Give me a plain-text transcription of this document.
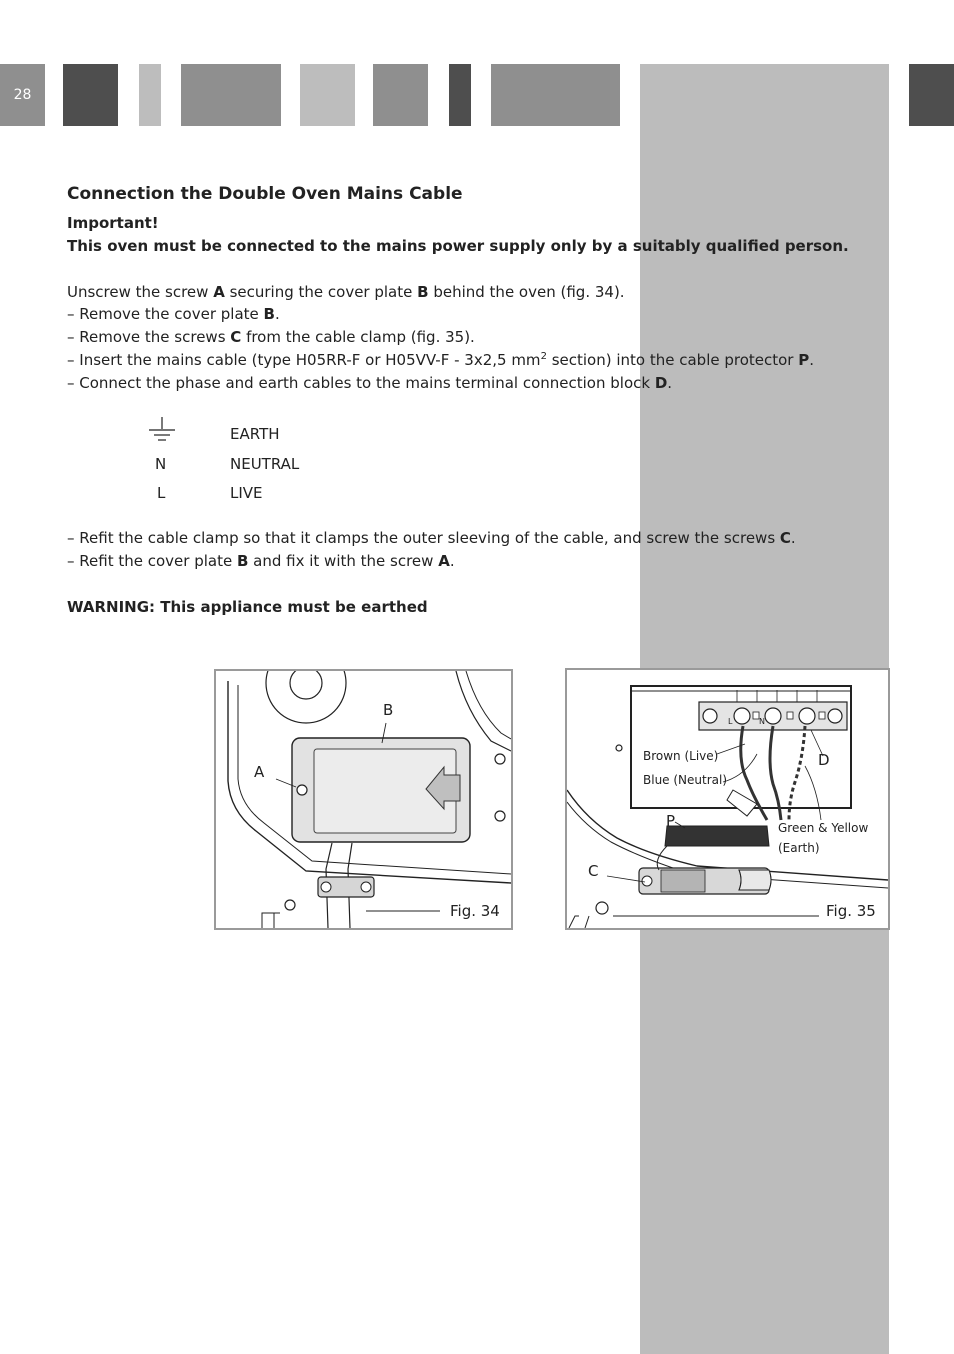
28
Connection the Double Oven Mains Cable
Important!
This oven must be connected to the mains power supply only by a suitably qualified person.
Unscrew the screw A securing the cover plate B behind the oven (fig. 34).
– Remove the cover plate B.
– Remove the screws C from the cable clamp (fig. 35).
– Insert the mains cable (type H05RR-F or H05VV-F - 3x2,5 $mm^2$ section) into the cable protector P.
– Connect the phase and earth cables to the mains terminal connection block D.
– Refit the cable clamp so that it clamps the outer sleeving of the cable, and screw the screws C.
– Refit the cover plate B and fix it with the screw A.
WARNING: This appliance must be earthed
EARTH
N	NEUTRAL
L	LIVE
A
B
Fig. 34
L	N
Brown (Live)
Blue (Neutral)
D
P	Green & Yellow
(Earth)
C
Fig. 35
